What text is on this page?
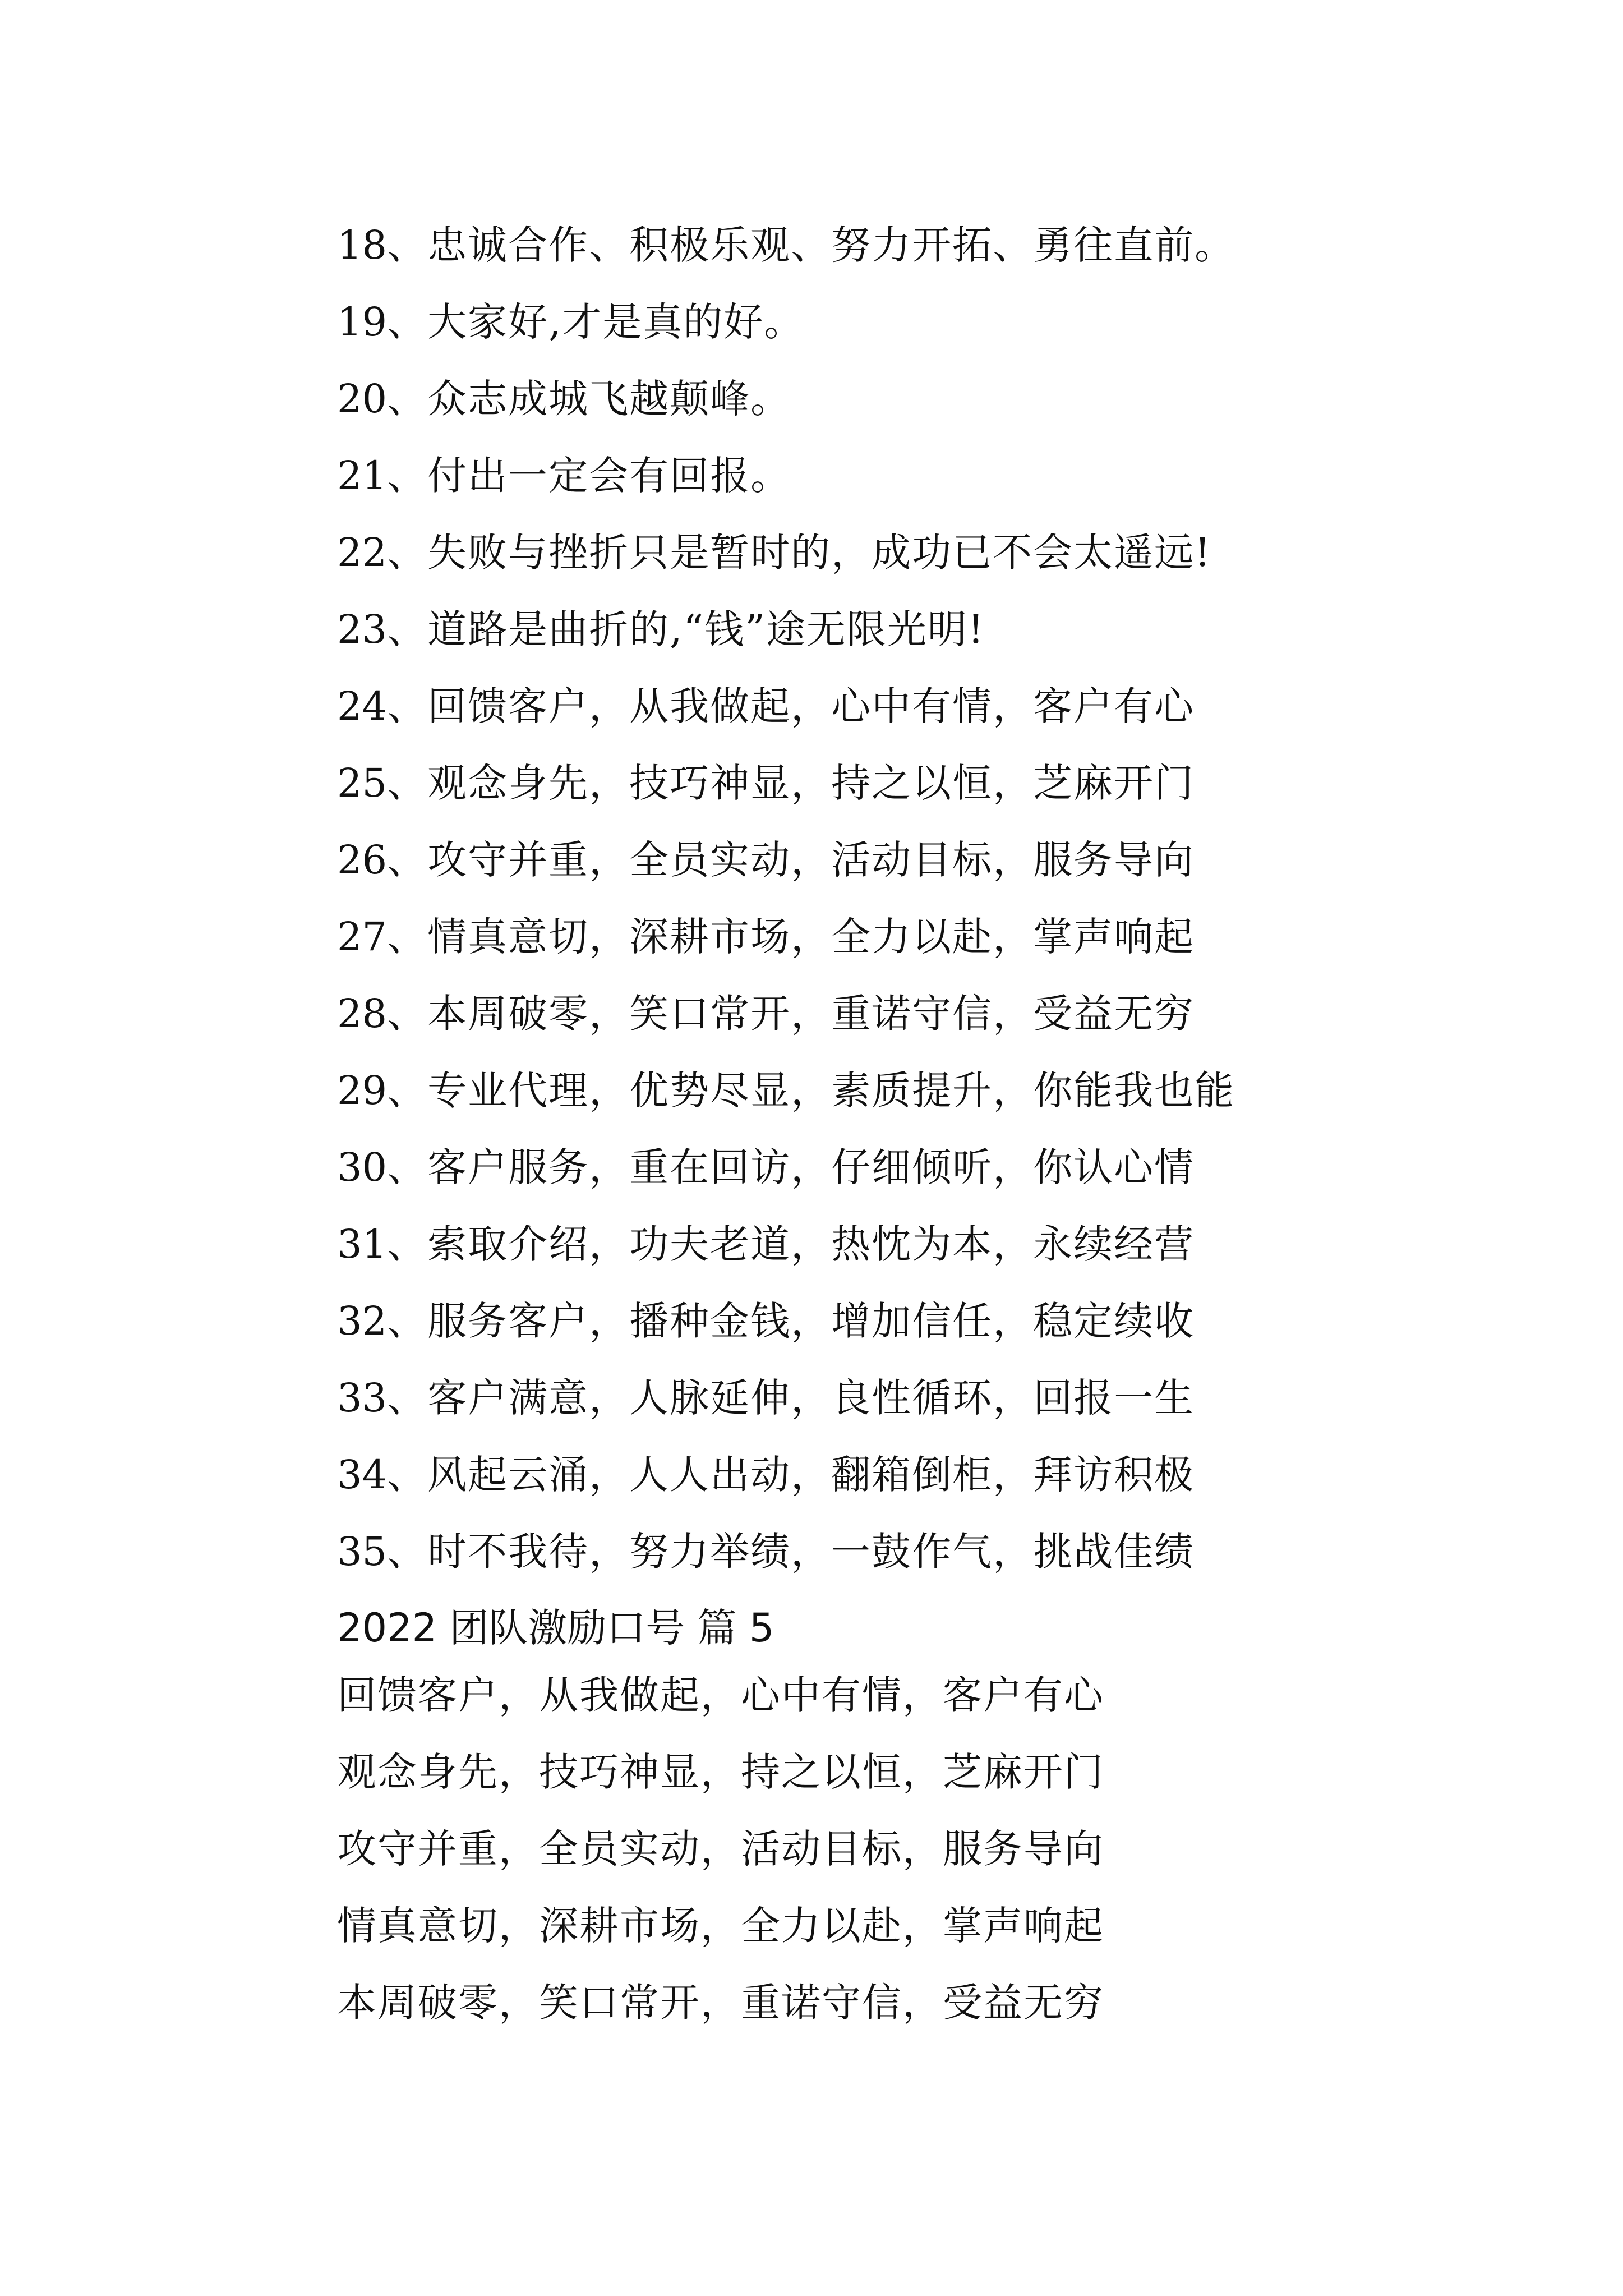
18、忠诚合作、积极乐观、努力开拓、勇往直前。
19、大家好,才是真的好。
20、众志成城飞越颠峰。
21、付出一定会有回报。
22、失败与挫折只是暂时的，成功已不会太遥远!
23、道路是曲折的,“钱”途无限光明!
24、回馈客户，从我做起，心中有情，客户有心
25、观念身先，技巧神显，持之以恒，芝麻开门
26、攻守并重，全员实动，活动目标，服务导向
27、情真意切，深耕市场，全力以赴，掌声响起
28、本周破零，笑口常开，重诺守信，受益无穷
29、专业代理，优势尽显，素质提升，你能我也能
30、客户服务，重在回访，仔细倾听，你认心情
31、索取介绍，功夫老道，热忱为本，永续经营
32、服务客户，播种金钱，增加信任，稳定续收
33、客户满意，人脉延伸，良性循环，回报一生
34、风起云涌，人人出动，翻箱倒柜，拜访积极
35、时不我待，努力举绩，一鼓作气，挑战佳绩
2022 团队激励口号 篇 5
回馈客户，从我做起，心中有情，客户有心
观念身先，技巧神显，持之以恒，芝麻开门
攻守并重，全员实动，活动目标，服务导向
情真意切，深耕市场，全力以赴，掌声响起
本周破零，笑口常开，重诺守信，受益无穷
